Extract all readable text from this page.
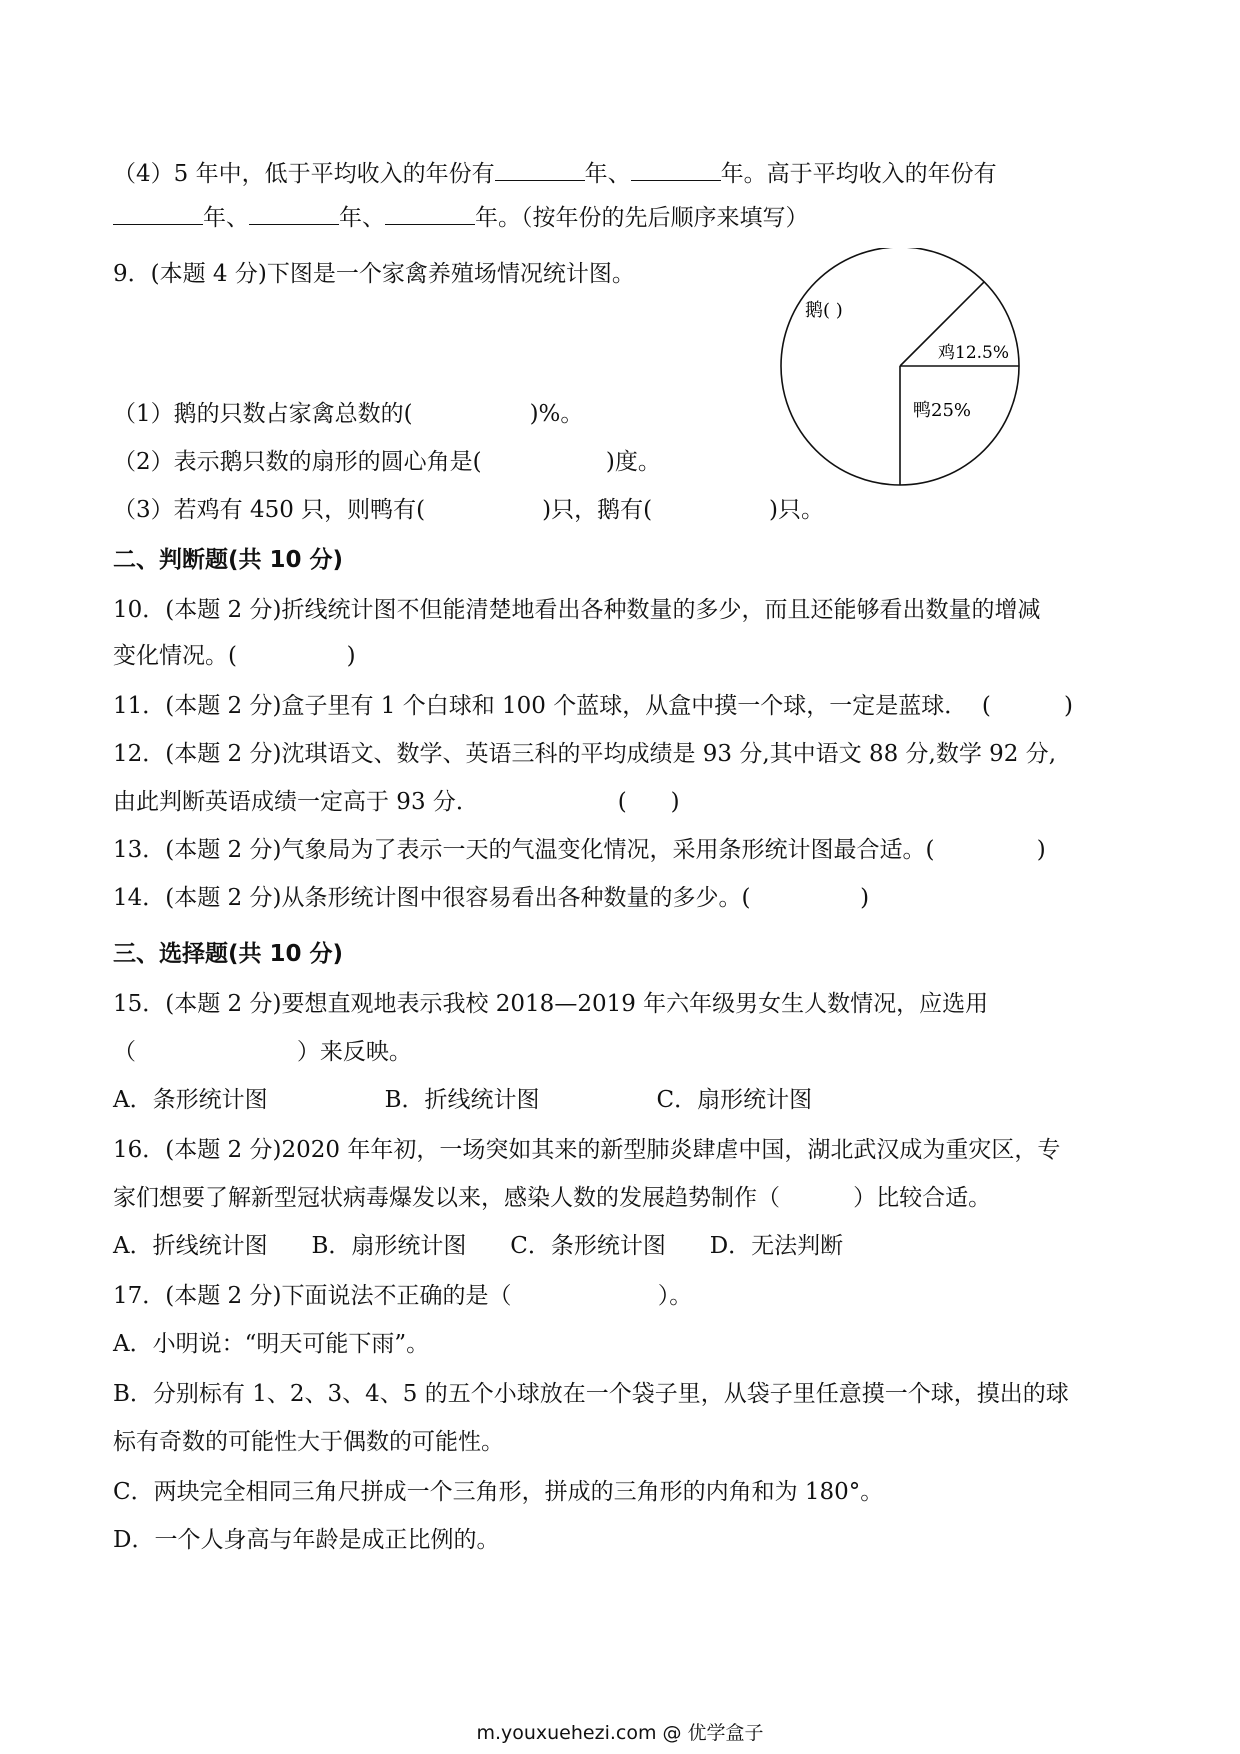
（4）5 年中，低于平均收入的年份有	年、	年。高于平均收入的年份有
年、	年、	年。（按年份的先后顺序来填写）
9．(本题 4 分)下图是一个家禽养殖场情况统计图。
鹅( )
鸡12.5%
鸭25%
（1）鹅的只数占家禽总数的(                )%。
（2）表示鹅只数的扇形的圆心角是(                 )度。
（3）若鸡有 450 只，则鸭有(                )只，鹅有(                )只。
二、判断题(共 10 分)
10．(本题 2 分)折线统计图不但能清楚地看出各种数量的多少，而且还能够看出数量的增减
变化情况。(               )
11．(本题 2 分)盒子里有 1 个白球和 100 个蓝球，从盒中摸一个球，一定是蓝球．  (          )
12．(本题 2 分)沈琪语文、数学、英语三科的平均成绩是 93 分,其中语文 88 分,数学 92 分,
由此判断英语成绩一定高于 93 分．                   (      )
13．(本题 2 分)气象局为了表示一天的气温变化情况，采用条形统计图最合适。(              )
14．(本题 2 分)从条形统计图中很容易看出各种数量的多少。(               )
三、选择题(共 10 分)
15．(本题 2 分)要想直观地表示我校 2018—2019 年六年级男女生人数情况，应选用
（                      ）来反映。
A．条形统计图                B．折线统计图                C．扇形统计图
16．(本题 2 分)2020 年年初，一场突如其来的新型肺炎肆虐中国，湖北武汉成为重灾区，专
家们想要了解新型冠状病毒爆发以来，感染人数的发展趋势制作（          ）比较合适。
A．折线统计图      B．扇形统计图      C．条形统计图      D．无法判断
17．(本题 2 分)下面说法不正确的是（                    ）。
A．小明说：“明天可能下雨”。
B．分别标有 1、2、3、4、5 的五个小球放在一个袋子里，从袋子里任意摸一个球，摸出的球
标有奇数的可能性大于偶数的可能性。
C．两块完全相同三角尺拼成一个三角形，拼成的三角形的内角和为 180°。
D．一个人身高与年龄是成正比例的。
m.youxuehezi.com @ 优学盒子
